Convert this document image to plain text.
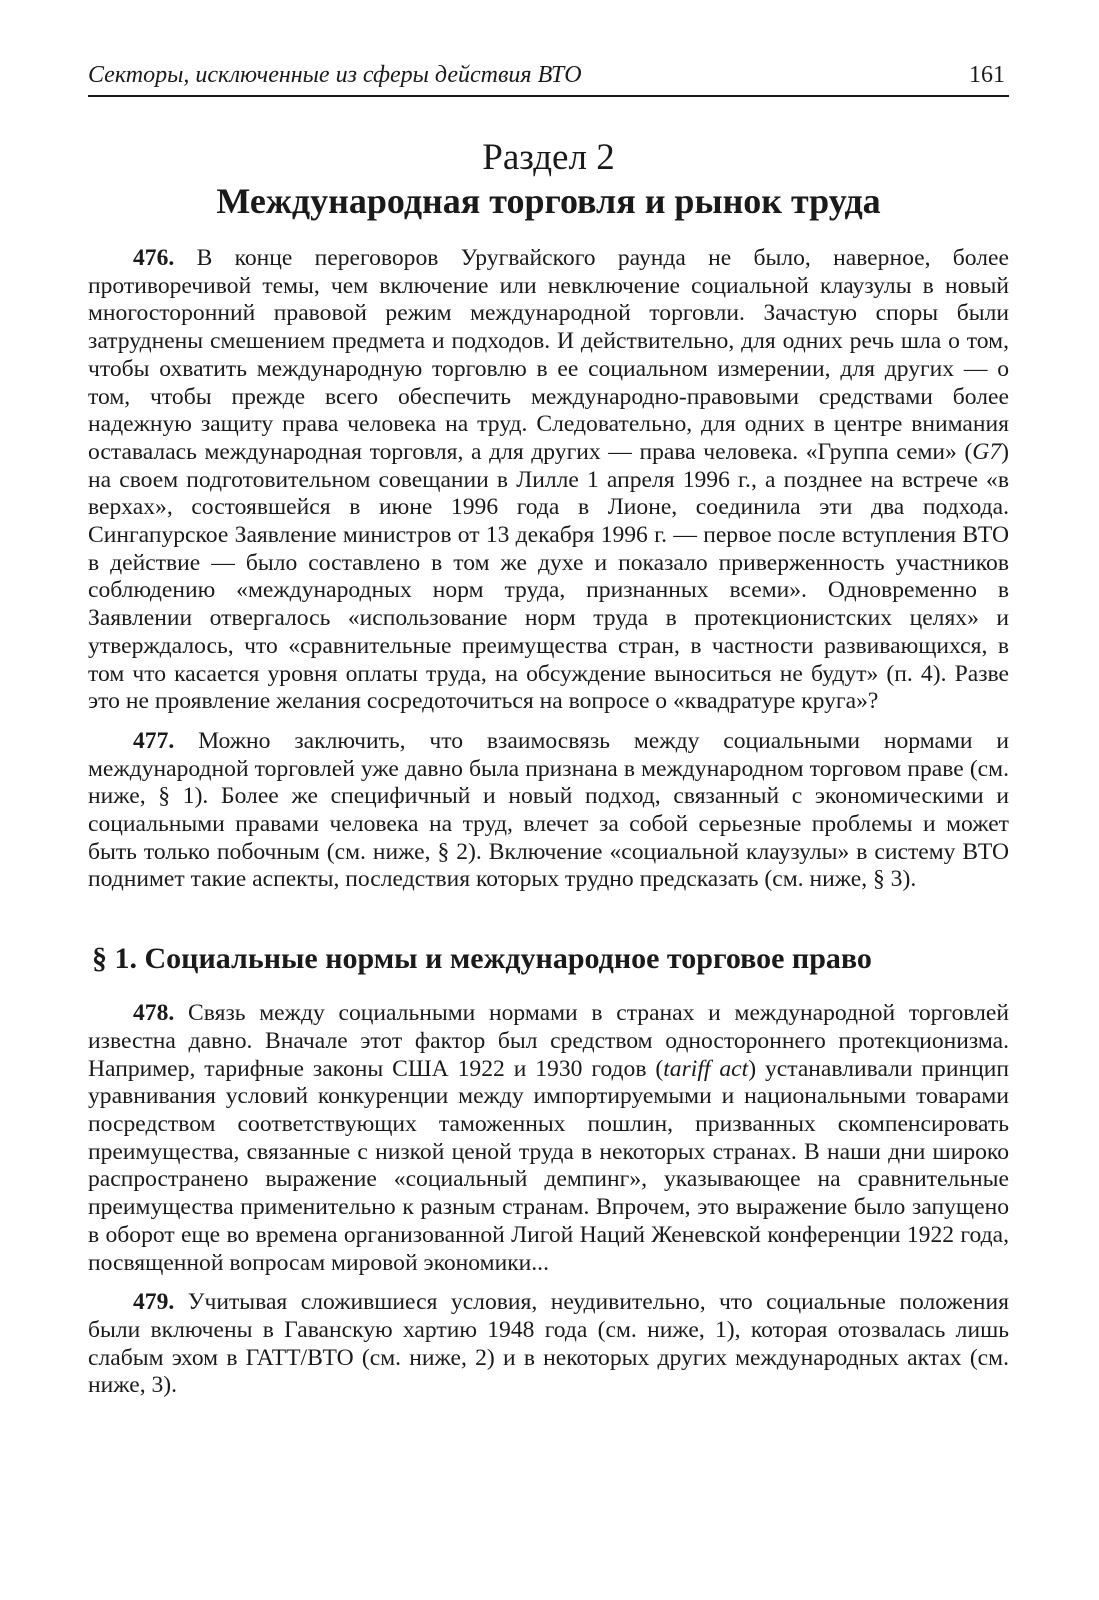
Секторы, исключенные из сферы действия ВТО	161
Раздел 2
Международная торговля и рынок труда

476. В конце переговоров Уругвайского раунда не было, наверное, более противоречивой темы, чем включение или невключение социальной клаузулы в новый многосторонний правовой режим международной торговли. Зачастую споры были затруднены смешением предмета и подходов. И действительно, для одних речь шла о том, чтобы охватить международную торговлю в ее социальном измерении, для других — о том, чтобы прежде всего обеспечить международно-правовыми средствами более надежную защиту права человека на труд. Следовательно, для одних в центре внимания оставалась международная торговля, а для других — права человека. «Группа семи» (G7) на своем подготовительном совещании в Лилле 1 апреля 1996 г., а позднее на встрече «в верхах», состоявшейся в июне 1996 года в Лионе, соединила эти два подхода. Сингапурское Заявление министров от 13 декабря 1996 г. — первое после вступления ВТО в действие — было составлено в том же духе и показало приверженность участников соблюдению «международных норм труда, признанных всеми». Одновременно в Заявлении отвергалось «использование норм труда в протекционистских целях» и утверждалось, что «сравнительные преимущества стран, в частности развивающихся, в том что касается уровня оплаты труда, на обсуждение выноситься не будут» (п. 4). Разве это не проявление желания сосредоточиться на вопросе о «квадратуре круга»?

477. Можно заключить, что взаимосвязь между социальными нормами и международной торговлей уже давно была признана в международном торговом праве (см. ниже, § 1). Более же специфичный и новый подход, связанный с экономическими и социальными правами человека на труд, влечет за собой серьезные проблемы и может быть только побочным (см. ниже, § 2). Включение «социальной клаузулы» в систему ВТО поднимет такие аспекты, последствия которых трудно предсказать (см. ниже, § 3).

§ 1. Социальные нормы и международное торговое право

478. Связь между социальными нормами в странах и международной торговлей известна давно. Вначале этот фактор был средством одностороннего протекционизма. Например, тарифные законы США 1922 и 1930 годов (tariff act) устанавливали принцип уравнивания условий конкуренции между импортируемыми и национальными товарами посредством соответствующих таможенных пошлин, призванных скомпенсировать преимущества, связанные с низкой ценой труда в некоторых странах. В наши дни широко распространено выражение «социальный демпинг», указывающее на сравнительные преимущества применительно к разным странам. Впрочем, это выражение было запущено в оборот еще во времена организованной Лигой Наций Женевской конференции 1922 года, посвященной вопросам мировой экономики...

479. Учитывая сложившиеся условия, неудивительно, что социальные положения были включены в Гаванскую хартию 1948 года (см. ниже, 1), которая отозвалась лишь слабым эхом в ГАТТ/ВТО (см. ниже, 2) и в некоторых других международных актах (см. ниже, 3).
